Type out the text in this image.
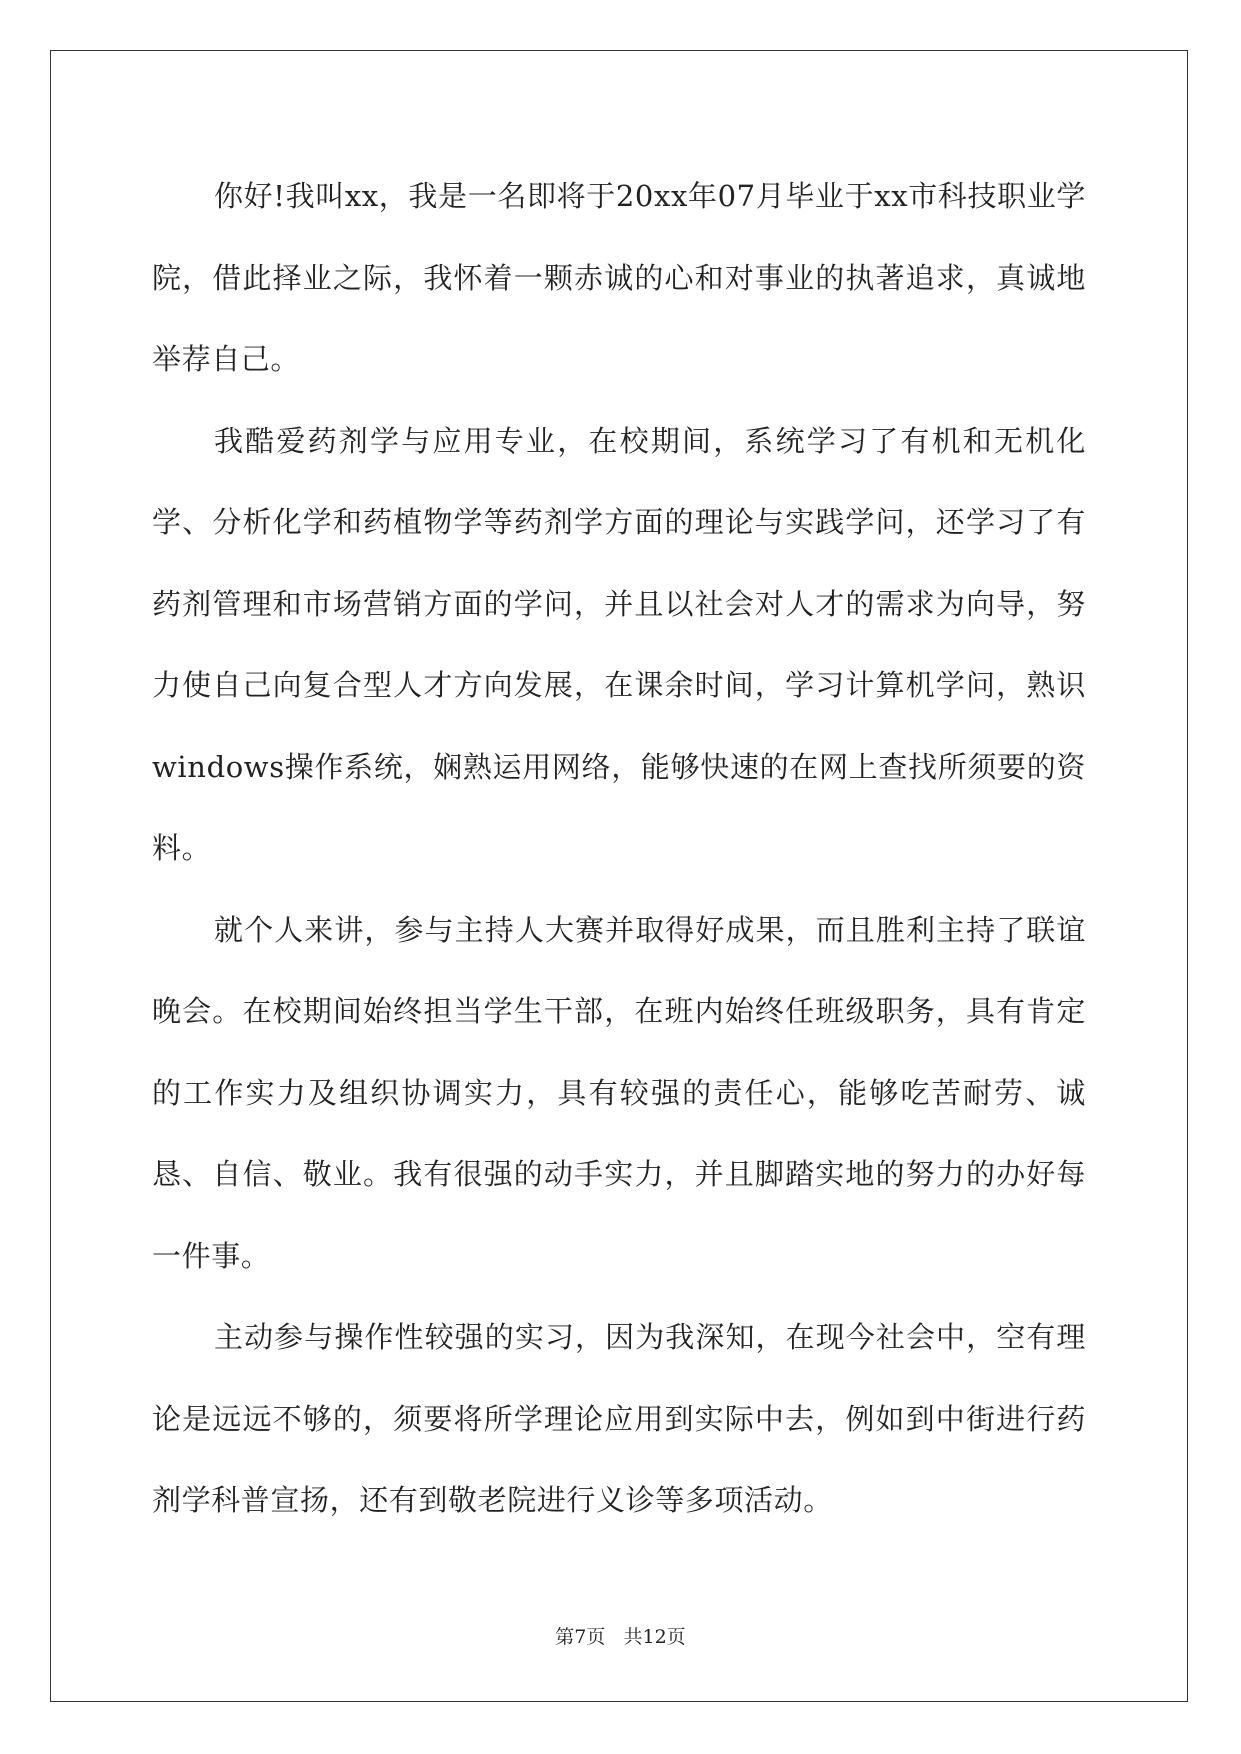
你好!我叫xx，我是一名即将于20xx年07月毕业于xx市科技职业学院，借此择业之际，我怀着一颗赤诚的心和对事业的执著追求，真诚地举荐自己。

我酷爱药剂学与应用专业，在校期间，系统学习了有机和无机化学、分析化学和药植物学等药剂学方面的理论与实践学问，还学习了有药剂管理和市场营销方面的学问，并且以社会对人才的需求为向导，努力使自己向复合型人才方向发展，在课余时间，学习计算机学问，熟识windows操作系统，娴熟运用网络，能够快速的在网上查找所须要的资料。

就个人来讲，参与主持人大赛并取得好成果，而且胜利主持了联谊晚会。在校期间始终担当学生干部，在班内始终任班级职务，具有肯定的工作实力及组织协调实力，具有较强的责任心，能够吃苦耐劳、诚恳、自信、敬业。我有很强的动手实力，并且脚踏实地的努力的办好每一件事。

主动参与操作性较强的实习，因为我深知，在现今社会中，空有理论是远远不够的，须要将所学理论应用到实际中去，例如到中街进行药剂学科普宣扬，还有到敬老院进行义诊等多项活动。

第7页   共12页
